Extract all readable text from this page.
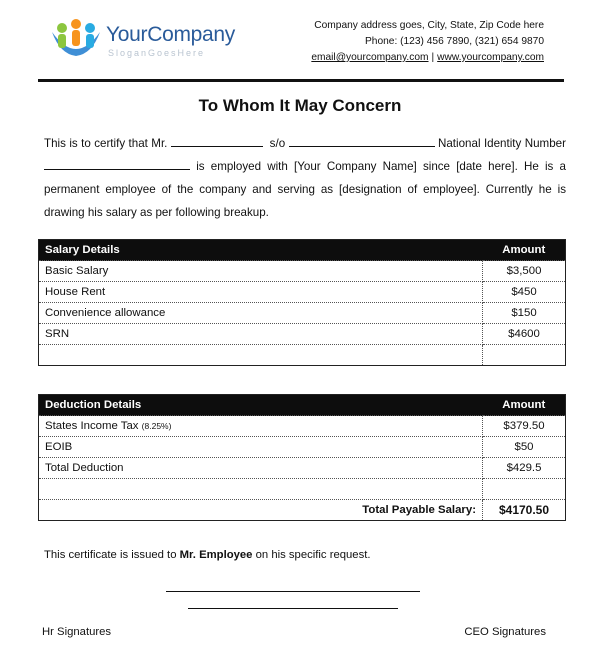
YourCompany
SloganGoesHere
Company address goes, City, State, Zip Code here
Phone: (123) 456 7890, (321) 654 9870
email@yourcompany.com | www.yourcompany.com
To Whom It May Concern
This is to certify that Mr.	s/o	National Identity Number  is employed with [Your Company Name] since [date here]. He is a permanent employee of the company and serving as [designation of employee]. Currently he is drawing his salary as per following breakup.
Salary Details	Amount
Basic Salary	$3,500
House Rent	$450
Convenience allowance	$150
SRN	$4600

Deduction Details	Amount
States Income Tax (8.25%)	$379.50
EOIB	$50
Total Deduction	$429.5

Total Payable Salary:	$4170.50
This certificate is issued to Mr. Employee on his specific request.
Hr Signatures	CEO Signatures
